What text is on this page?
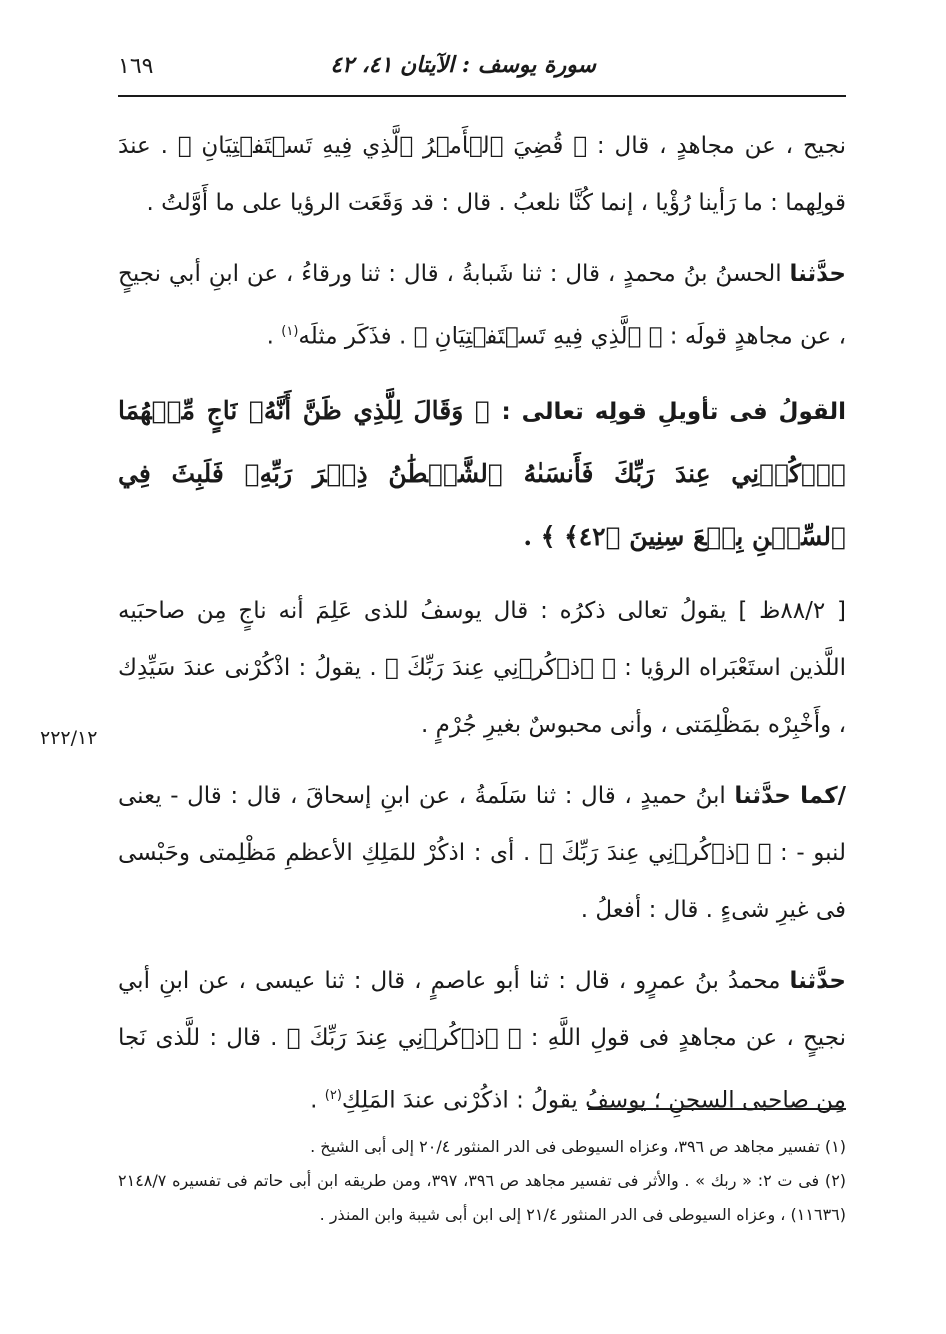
سورة يوسف : الآيتان ٤١، ٤٢
١٦٩

نجيح ، عن مجاهدٍ ، قال : ﴿ قُضِيَ ٱلۡأَمۡرُ ٱلَّذِي فِيهِ تَسۡتَفۡتِيَانِ ﴾ . عندَ قولِهما : ما رَأينا رُؤْيا ، إنما كُنَّا نلعبُ . قال : قد وَقَعَت الرؤيا على ما أَوَّلتُ .

حدَّثنا الحسنُ بنُ محمدٍ ، قال : ثنا شَبابةُ ، قال : ثنا ورقاءُ ، عن ابنِ أبي نجيحٍ ، عن مجاهدٍ قولَه : ﴿ ٱلَّذِي فِيهِ تَسۡتَفۡتِيَانِ ﴾ . فذَكَر مثلَه$^{(١)}$ .

القولُ فى تأويلِ قولِه تعالى : ﴿ وَقَالَ لِلَّذِي ظَنَّ أَنَّهُۥ نَاجٍ مِّنۡهُمَا ٱذۡكُرۡنِي عِندَ رَبِّكَ فَأَنسَىٰهُ ٱلشَّيۡطَٰنُ ذِكۡرَ رَبِّهِۦ فَلَبِثَ فِي ٱلسِّجۡنِ بِضۡعَ سِنِينَ ﴿٤٢﴾ ﴾ .

[ ٨٨/٢ظ ] يقولُ تعالى ذكرُه : قال يوسفُ للذى عَلِمَ أنه ناجٍ مِن صاحبَيه اللَّذين استَعْبَراه الرؤيا : ﴿ ٱذۡكُرۡنِي عِندَ رَبِّكَ ﴾ . يقولُ : اذْكُرْنى عندَ سَيِّدِك ، وأَخْبِرْه بمَظْلِمَتى ، وأنى محبوسٌ بغيرِ جُرْمٍ .

/كما حدَّثنا ابنُ حميدٍ ، قال : ثنا سَلَمةُ ، عن ابنِ إسحاقَ ، قال : قال - يعنى لنبو - : ﴿ ٱذۡكُرۡنِي عِندَ رَبِّكَ ﴾ . أى : اذكُرْ للمَلِكِ الأعظمِ مَظْلِمتى وحَبْسى فى غيرِ شىءٍ . قال : أفعلُ .

حدَّثنا محمدُ بنُ عمرٍو ، قال : ثنا أبو عاصمٍ ، قال : ثنا عيسى ، عن ابنِ أبي نجيحٍ ، عن مجاهدٍ فى قولِ اللَّهِ : ﴿ ٱذۡكُرۡنِي عِندَ رَبِّكَ ﴾ . قال : للَّذى نَجا مِن صاحبى السجنِ ؛ يوسفُ يقولُ : اذكُرْنى عندَ المَلِكِ$^{(٢)}$ .

٢٢٢/١٢

(١) تفسير مجاهد ص ٣٩٦، وعزاه السيوطى فى الدر المنثور ٢٠/٤ إلى أبى الشيخ .

(٢) فى ت ٢: « ربك » . والأثر فى تفسير مجاهد ص ٣٩٦، ٣٩٧، ومن طريقه ابن أبى حاتم فى تفسيره ٢١٤٨/٧ (١١٦٣٦) ، وعزاه السيوطى فى الدر المنثور ٢١/٤ إلى ابن أبى شيبة وابن المنذر .
